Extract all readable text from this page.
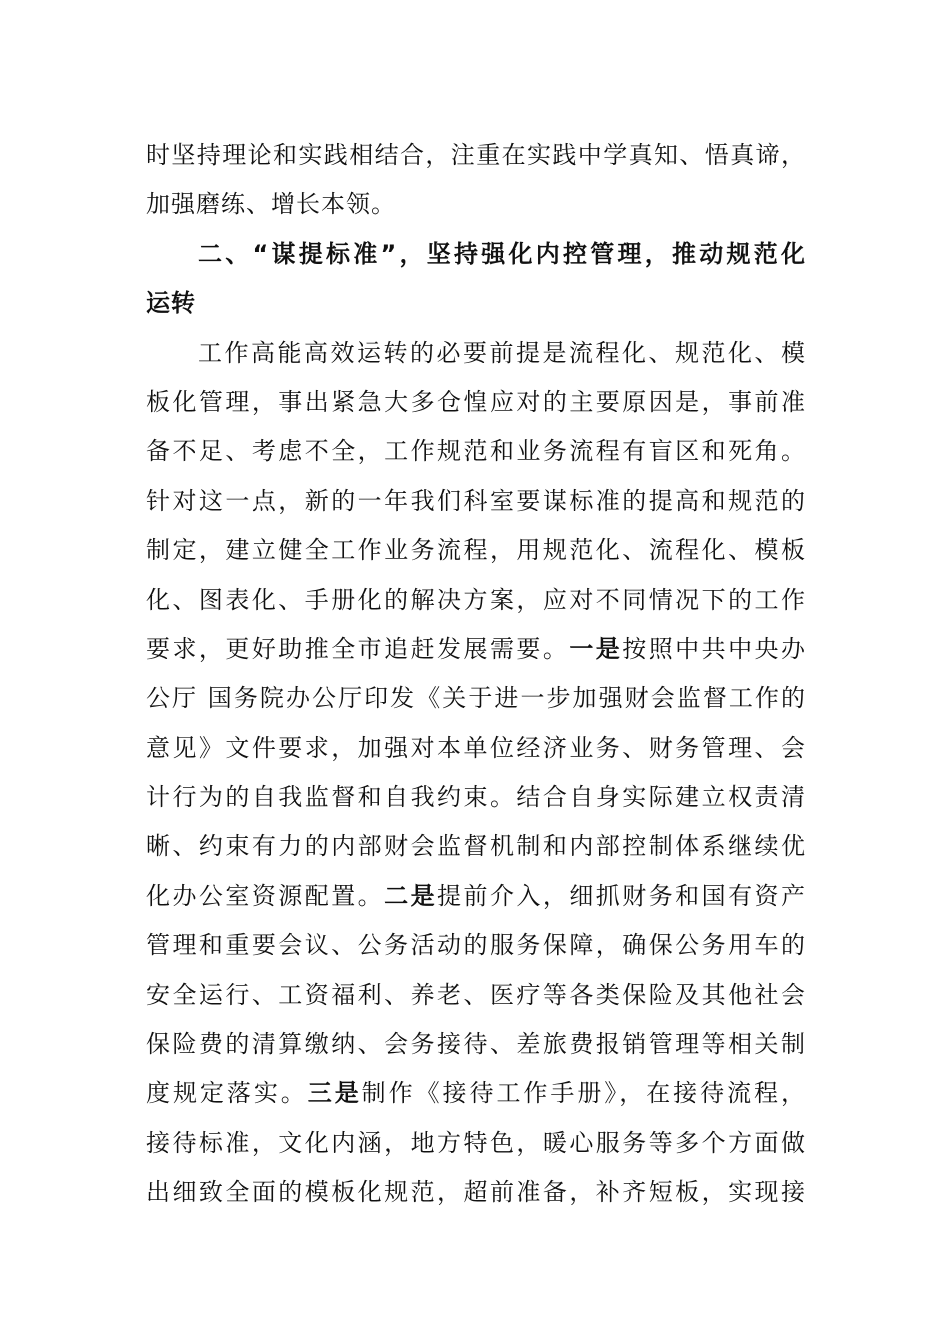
时坚持理论和实践相结合，注重在实践中学真知、悟真谛，
加强磨练、增长本领。
二、“谋提标准”，坚持强化内控管理，推动规范化
运转
工作高能高效运转的必要前提是流程化、规范化、模
板化管理，事出紧急大多仓惶应对的主要原因是，事前准
备不足、考虑不全，工作规范和业务流程有盲区和死角。
针对这一点，新的一年我们科室要谋标准的提高和规范的
制定，建立健全工作业务流程，用规范化、流程化、模板
化、图表化、手册化的解决方案，应对不同情况下的工作
要求，更好助推全市追赶发展需要。一是按照中共中央办
公厅 国务院办公厅印发《关于进一步加强财会监督工作的
意见》文件要求，加强对本单位经济业务、财务管理、会
计行为的自我监督和自我约束。结合自身实际建立权责清
晰、约束有力的内部财会监督机制和内部控制体系继续优
化办公室资源配置。二是提前介入，细抓财务和国有资产
管理和重要会议、公务活动的服务保障，确保公务用车的
安全运行、工资福利、养老、医疗等各类保险及其他社会
保险费的清算缴纳、会务接待、差旅费报销管理等相关制
度规定落实。三是制作《接待工作手册》，在接待流程，
接待标准，文化内涵，地方特色，暖心服务等多个方面做
出细致全面的模板化规范，超前准备，补齐短板，实现接
